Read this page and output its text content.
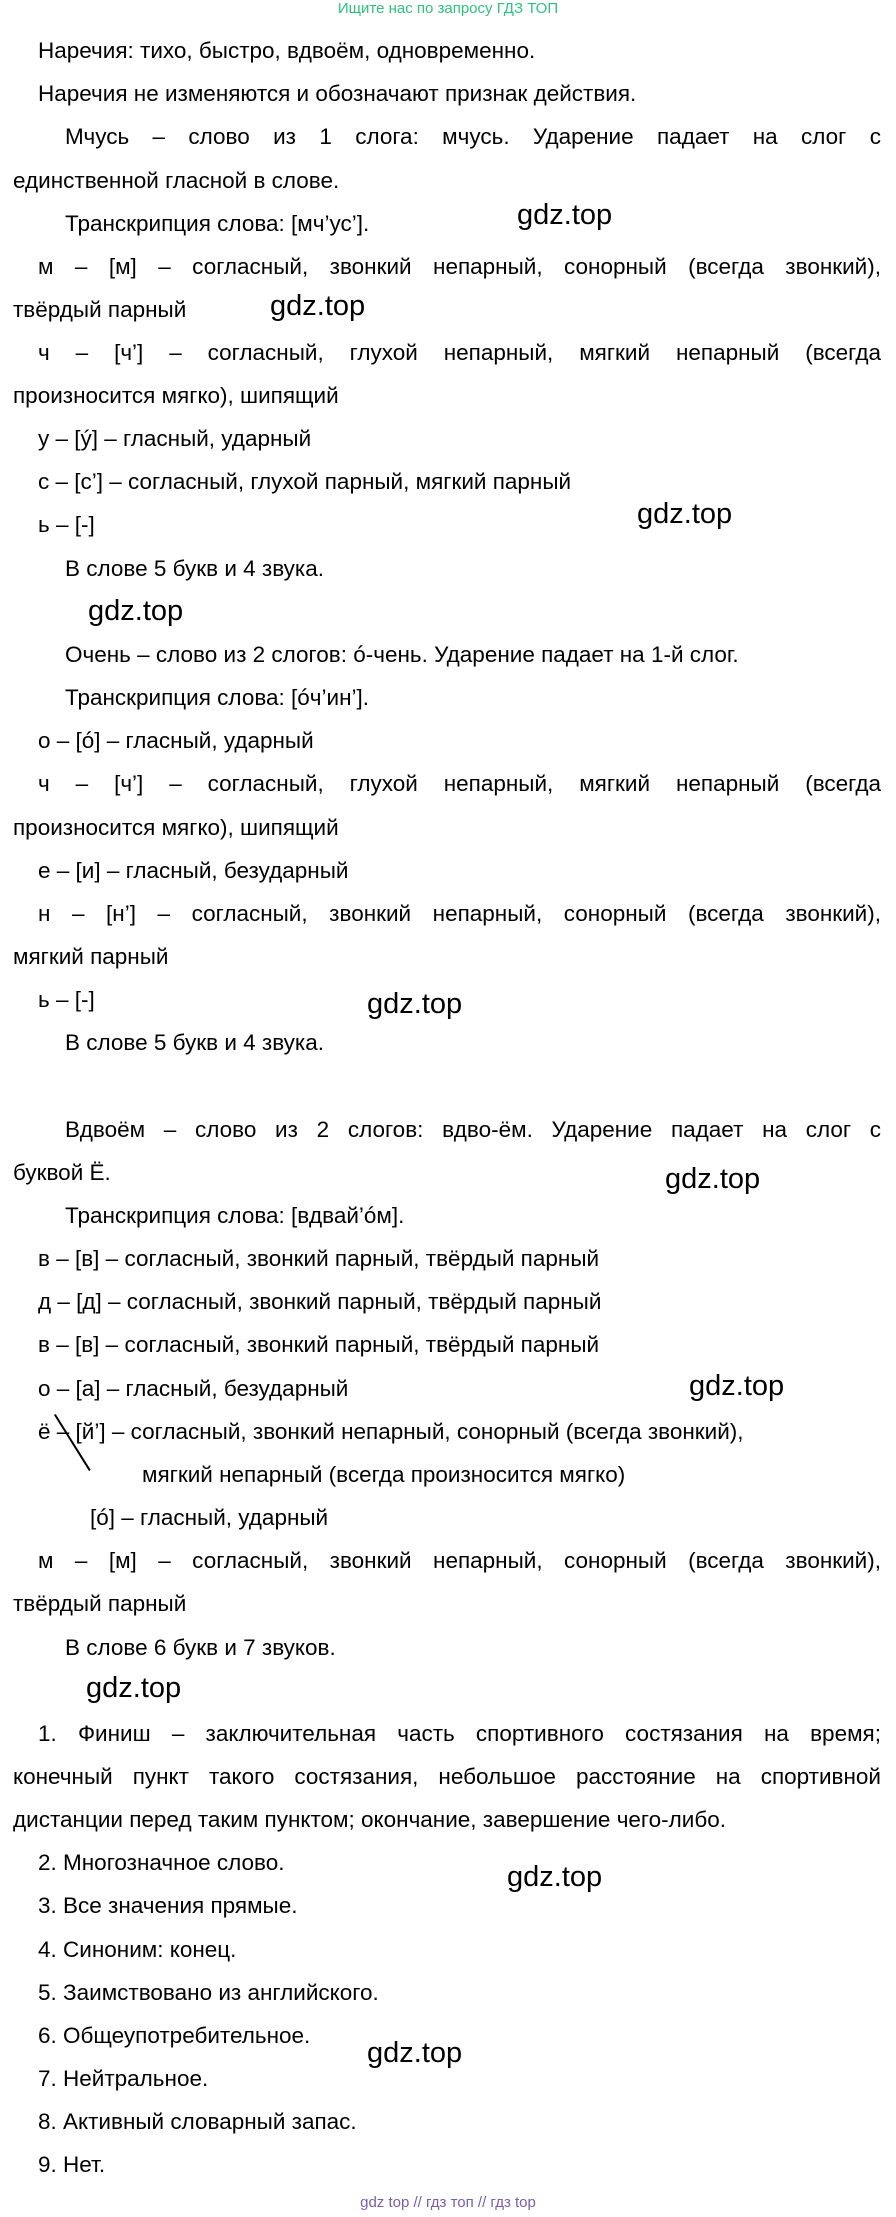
Ищите нас по запросу ГДЗ ТОП
Наречия: тихо, быстро, вдвоём, одновременно.
Наречия не изменяются и обозначают признак действия.
Мчусь – слово из 1 слога: мчусь. Ударение падает на слог с
единственной гласной в слове.
Транскрипция слова: [мч’ус’].
м – [м] – согласный, звонкий непарный, сонорный (всегда звонкий),
твёрдый парный
ч – [ч’] – согласный, глухой непарный, мягкий непарный (всегда
произносится мягко), шипящий
у – [ý] – гласный, ударный
с – [с’] – согласный, глухой парный, мягкий парный
ь – [-]
В слове 5 букв и 4 звука.
Очень – слово из 2 слогов: ó-чень. Ударение падает на 1-й слог.
Транскрипция слова: [óч’ин’].
о – [ó] – гласный, ударный
ч – [ч’] – согласный, глухой непарный, мягкий непарный (всегда
произносится мягко), шипящий
е – [и] – гласный, безударный
н – [н’] – согласный, звонкий непарный, сонорный (всегда звонкий),
мягкий парный
ь – [-]
В слове 5 букв и 4 звука.
Вдвоём – слово из 2 слогов: вдво-ём. Ударение падает на слог с
буквой Ё.
Транскрипция слова: [вдвай’óм].
в – [в] – согласный, звонкий парный, твёрдый парный
д – [д] – согласный, звонкий парный, твёрдый парный
в – [в] – согласный, звонкий парный, твёрдый парный
о – [а] – гласный, безударный
ё – [й’] – согласный, звонкий непарный, сонорный (всегда звонкий),
мягкий непарный (всегда произносится мягко)
[ó] – гласный, ударный
м – [м] – согласный, звонкий непарный, сонорный (всегда звонкий),
твёрдый парный
В слове 6 букв и 7 звуков.
1. Финиш – заключительная часть спортивного состязания на время;
конечный пункт такого состязания, небольшое расстояние на спортивной
дистанции перед таким пунктом; окончание, завершение чего-либо.
2. Многозначное слово.
3. Все значения прямые.
4. Синоним: конец.
5. Заимствовано из английского.
6. Общеупотребительное.
7. Нейтральное.
8. Активный словарный запас.
9. Нет.
gdz.top
gdz.top
gdz.top
gdz.top
gdz.top
gdz.top
gdz.top
gdz.top
gdz.top
gdz.top
gdz top // гдз топ // гдз top
